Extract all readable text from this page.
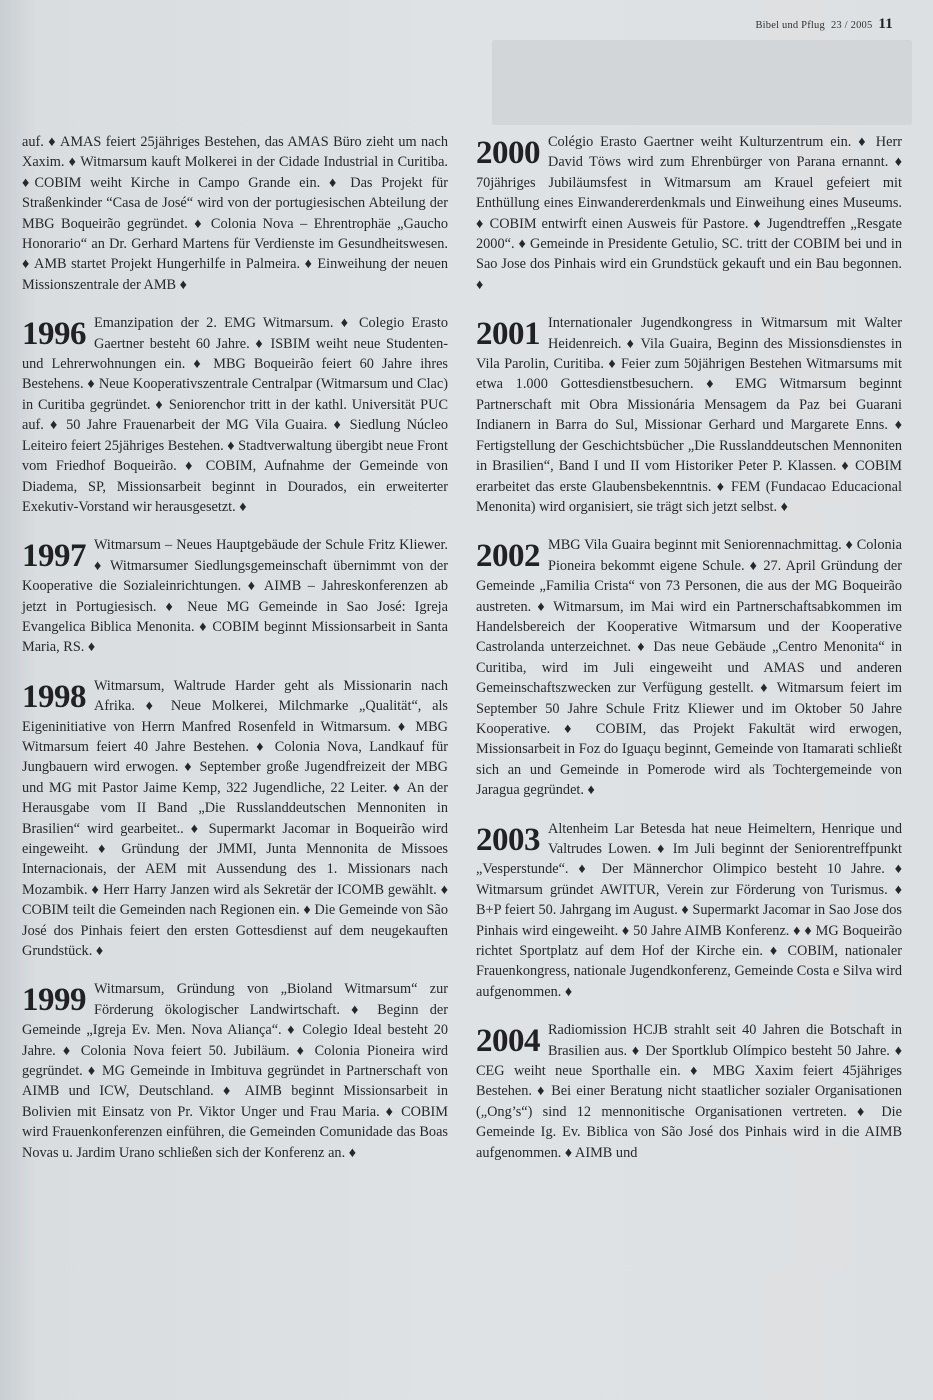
Bibel und Pflug 23 / 2005 11

auf. ♦ AMAS feiert 25jähriges Bestehen, das AMAS Büro zieht um nach Xaxim. ♦ Witmarsum kauft Molkerei in der Cidade Industrial in Curitiba. ♦COBIM weiht Kirche in Campo Grande ein. ♦ Das Projekt für Straßenkinder “Casa de José“ wird von der portugiesischen Abteilung der MBG Boqueirão gegründet. ♦ Colonia Nova – Ehrentrophäe „Gaucho Honorario“ an Dr. Gerhard Martens für Verdienste im Gesundheitswesen. ♦ AMB startet Projekt Hungerhilfe in Palmeira. ♦ Einweihung der neuen Missionszentrale der AMB ♦

1996 Emanzipation der 2. EMG Witmarsum. ♦ Colegio Erasto Gaertner besteht 60 Jahre. ♦ ISBIM weiht neue Studenten- und Lehrerwohnungen ein. ♦ MBG Boqueirão feiert 60 Jahre ihres Bestehens. ♦ Neue Kooperativszentrale Centralpar (Witmarsum und Clac) in Curitiba gegründet. ♦ Seniorenchor tritt in der kathl. Universität PUC auf. ♦ 50 Jahre Frauenarbeit der MG Vila Guaira. ♦ Siedlung Núcleo Leiteiro feiert 25jähriges Bestehen. ♦ Stadtverwaltung übergibt neue Front vom Friedhof Boqueirão. ♦ COBIM, Aufnahme der Gemeinde von Diadema, SP, Missionsarbeit beginnt in Dourados, ein erweiterter Exekutiv-Vorstand wir herausgesetzt. ♦

1997 Witmarsum – Neues Hauptgebäude der Schule Fritz Kliewer. ♦ Witmarsumer Siedlungsgemeinschaft übernimmt von der Kooperative die Sozialeinrichtungen. ♦ AIMB – Jahreskonferenzen ab jetzt in Portugiesisch. ♦ Neue MG Gemeinde in Sao José: Igreja Evangelica Biblica Menonita. ♦ COBIM beginnt Missionsarbeit in Santa Maria, RS. ♦

1998 Witmarsum, Waltrude Harder geht als Missionarin nach Afrika. ♦ Neue Molkerei, Milchmarke „Qualität“, als Eigeninitiative von Herrn Manfred Rosenfeld in Witmarsum. ♦ MBG Witmarsum feiert 40 Jahre Bestehen. ♦ Colonia Nova, Landkauf für Jungbauern wird erwogen. ♦ September große Jugendfreizeit der MBG und MG mit Pastor Jaime Kemp, 322 Jugendliche, 22 Leiter. ♦ An der Herausgabe vom II Band „Die Russlanddeutschen Mennoniten in Brasilien“ wird gearbeitet.. ♦ Supermarkt Jacomar in Boqueirão wird eingeweiht. ♦ Gründung der JMMI, Junta Mennonita de Missoes Internacionais, der AEM mit Aussendung des 1. Missionars nach Mozambik. ♦ Herr Harry Janzen wird als Sekretär der ICOMB gewählt. ♦ COBIM teilt die Gemeinden nach Regionen ein. ♦ Die Gemeinde von São José dos Pinhais feiert den ersten Gottesdienst auf dem neugekauften Grundstück. ♦

1999 Witmarsum, Gründung von „Bioland Witmarsum“ zur Förderung ökologischer Landwirtschaft. ♦ Beginn der Gemeinde „Igreja Ev. Men. Nova Aliança“. ♦ Colegio Ideal besteht 20 Jahre. ♦ Colonia Nova feiert 50. Jubiläum. ♦ Colonia Pioneira wird gegründet. ♦ MG Gemeinde in Imbituva gegründet in Partnerschaft von AIMB und ICW, Deutschland. ♦ AIMB beginnt Missionsarbeit in Bolivien mit Einsatz von Pr. Viktor Unger und Frau Maria. ♦ COBIM wird Frauenkonferenzen einführen, die Gemeinden Comunidade das Boas Novas u. Jardim Urano schließen sich der Konferenz an. ♦

2000 Colégio Erasto Gaertner weiht Kulturzentrum ein. ♦ Herr David Töws wird zum Ehrenbürger von Parana ernannt. ♦ 70jähriges Jubiläumsfest in Witmarsum am Krauel gefeiert mit Enthüllung eines Einwandererdenkmals und Einweihung eines Museums. ♦ COBIM entwirft einen Ausweis für Pastore. ♦ Jugendtreffen „Resgate 2000“. ♦ Gemeinde in Presidente Getulio, SC. tritt der COBIM bei und in Sao Jose dos Pinhais wird ein Grundstück gekauft und ein Bau begonnen. ♦

2001 Internationaler Jugendkongress in Witmarsum mit Walter Heidenreich. ♦ Vila Guaira, Beginn des Missionsdienstes in Vila Parolin, Curitiba. ♦ Feier zum 50jährigen Bestehen Witmarsums mit etwa 1.000 Gottesdienstbesuchern. ♦ EMG Witmarsum beginnt Partnerschaft mit Obra Missionária Mensagem da Paz bei Guarani Indianern in Barra do Sul, Missionar Gerhard und Margarete Enns. ♦ Fertigstellung der Geschichtsbücher „Die Russlanddeutschen Mennoniten in Brasilien“, Band I und II vom Historiker Peter P. Klassen. ♦ COBIM erarbeitet das erste Glaubensbekenntnis. ♦ FEM (Fundacao Educacional Menonita) wird organisiert, sie trägt sich jetzt selbst. ♦

2002 MBG Vila Guaira beginnt mit Seniorennachmittag. ♦ Colonia Pioneira bekommt eigene Schule. ♦ 27. April Gründung der Gemeinde „Familia Crista“ von 73 Personen, die aus der MG Boqueirão austreten. ♦ Witmarsum, im Mai wird ein Partnerschaftsabkommen im Handelsbereich der Kooperative Witmarsum und der Kooperative Castrolanda unterzeichnet. ♦ Das neue Gebäude „Centro Menonita“ in Curitiba, wird im Juli eingeweiht und AMAS und anderen Gemeinschaftszwecken zur Verfügung gestellt. ♦ Witmarsum feiert im September 50 Jahre Schule Fritz Kliewer und im Oktober 50 Jahre Kooperative. ♦ COBIM, das Projekt Fakultät wird erwogen, Missionsarbeit in Foz do Iguaçu beginnt, Gemeinde von Itamarati schließt sich an und Gemeinde in Pomerode wird als Tochtergemeinde von Jaragua gegründet. ♦

2003 Altenheim Lar Betesda hat neue Heimeltern, Henrique und Valtrudes Lowen. ♦ Im Juli beginnt der Seniorentreffpunkt „Vesperstunde“. ♦ Der Männerchor Olimpico besteht 10 Jahre. ♦ Witmarsum gründet AWITUR, Verein zur Förderung von Turismus. ♦ B+P feiert 50. Jahrgang im August. ♦ Supermarkt Jacomar in Sao Jose dos Pinhais wird eingeweiht. ♦ 50 Jahre AIMB Konferenz. ♦ ♦ MG Boqueirão richtet Sportplatz auf dem Hof der Kirche ein. ♦ COBIM, nationaler Frauenkongress, nationale Jugendkonferenz, Gemeinde Costa e Silva wird aufgenommen. ♦

2004 Radiomission HCJB strahlt seit 40 Jahren die Botschaft in Brasilien aus. ♦ Der Sportklub Olímpico besteht 50 Jahre. ♦ CEG weiht neue Sporthalle ein. ♦ MBG Xaxim feiert 45jähriges Bestehen. ♦ Bei einer Beratung nicht staatlicher sozialer Organisationen („Ong’s“) sind 12 mennonitische Organisationen vertreten. ♦ Die Gemeinde Ig. Ev. Biblica von São José dos Pinhais wird in die AIMB aufgenommen. ♦ AIMB und
